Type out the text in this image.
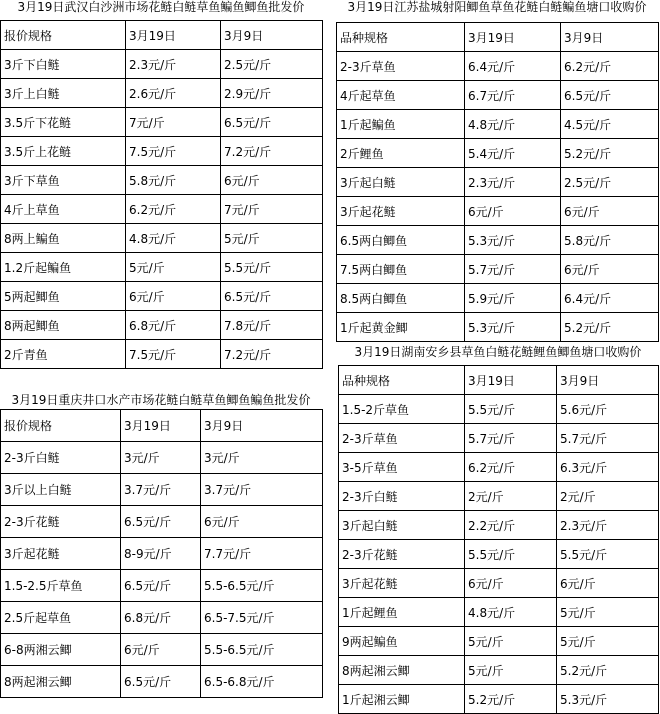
3月19日武汉白沙洲市场花鲢白鲢草鱼鳊鱼鲫鱼批发价
报价规格	3月19日	3月9日
3斤下白鲢	2.3元/斤	2.5元/斤
3斤上白鲢	2.6元/斤	2.9元/斤
3.5斤下花鲢	7元/斤	6.5元/斤
3.5斤上花鲢	7.5元/斤	7.2元/斤
3斤下草鱼	5.8元/斤	6元/斤
4斤上草鱼	6.2元/斤	7元/斤
8两上鳊鱼	4.8元/斤	5元/斤
1.2斤起鳊鱼	5元/斤	5.5元/斤
5两起鲫鱼	6元/斤	6.5元/斤
8两起鲫鱼	6.8元/斤	7.8元/斤
2斤青鱼	7.5元/斤	7.2元/斤
3月19日江苏盐城射阳鲫鱼草鱼花鲢白鲢鳊鱼塘口收购价
品种规格	3月19日	3月9日
2-3斤草鱼	6.4元/斤	6.2元/斤
4斤起草鱼	6.7元/斤	6.5元/斤
1斤起鳊鱼	4.8元/斤	4.5元/斤
2斤鲤鱼	5.4元/斤	5.2元/斤
3斤起白鲢	2.3元/斤	2.5元/斤
3斤起花鲢	6元/斤	6元/斤
6.5两白鲫鱼	5.3元/斤	5.8元/斤
7.5两白鲫鱼	5.7元/斤	6元/斤
8.5两白鲫鱼	5.9元/斤	6.4元/斤
1斤起黄金鲫	5.3元/斤	5.2元/斤
3月19日重庆井口水产市场花鲢白鲢草鱼鲫鱼鳊鱼批发价
报价规格	3月19日	3月9日
2-3斤白鲢	3元/斤	3元/斤
3斤以上白鲢	3.7元/斤	3.7元/斤
2-3斤花鲢	6.5元/斤	6元/斤
3斤起花鲢	8-9元/斤	7.7元/斤
1.5-2.5斤草鱼	6.5元/斤	5.5-6.5元/斤
2.5斤起草鱼	6.8元/斤	6.5-7.5元/斤
6-8两湘云鲫	6元/斤	5.5-6.5元/斤
8两起湘云鲫	6.5元/斤	6.5-6.8元/斤
3月19日湖南安乡县草鱼白鲢花鲢鲤鱼鲫鱼塘口收购价
品种规格	3月19日	3月9日
1.5-2斤草鱼	5.5元/斤	5.6元/斤
2-3斤草鱼	5.7元/斤	5.7元/斤
3-5斤草鱼	6.2元/斤	6.3元/斤
2-3斤白鲢	2元/斤	2元/斤
3斤起白鲢	2.2元/斤	2.3元/斤
2-3斤花鲢	5.5元/斤	5.5元/斤
3斤起花鲢	6元/斤	6元/斤
1斤起鲤鱼	4.8元/斤	5元/斤
9两起鳊鱼	5元/斤	5元/斤
8两起湘云鲫	5元/斤	5.2元/斤
1斤起湘云鲫	5.2元/斤	5.3元/斤
